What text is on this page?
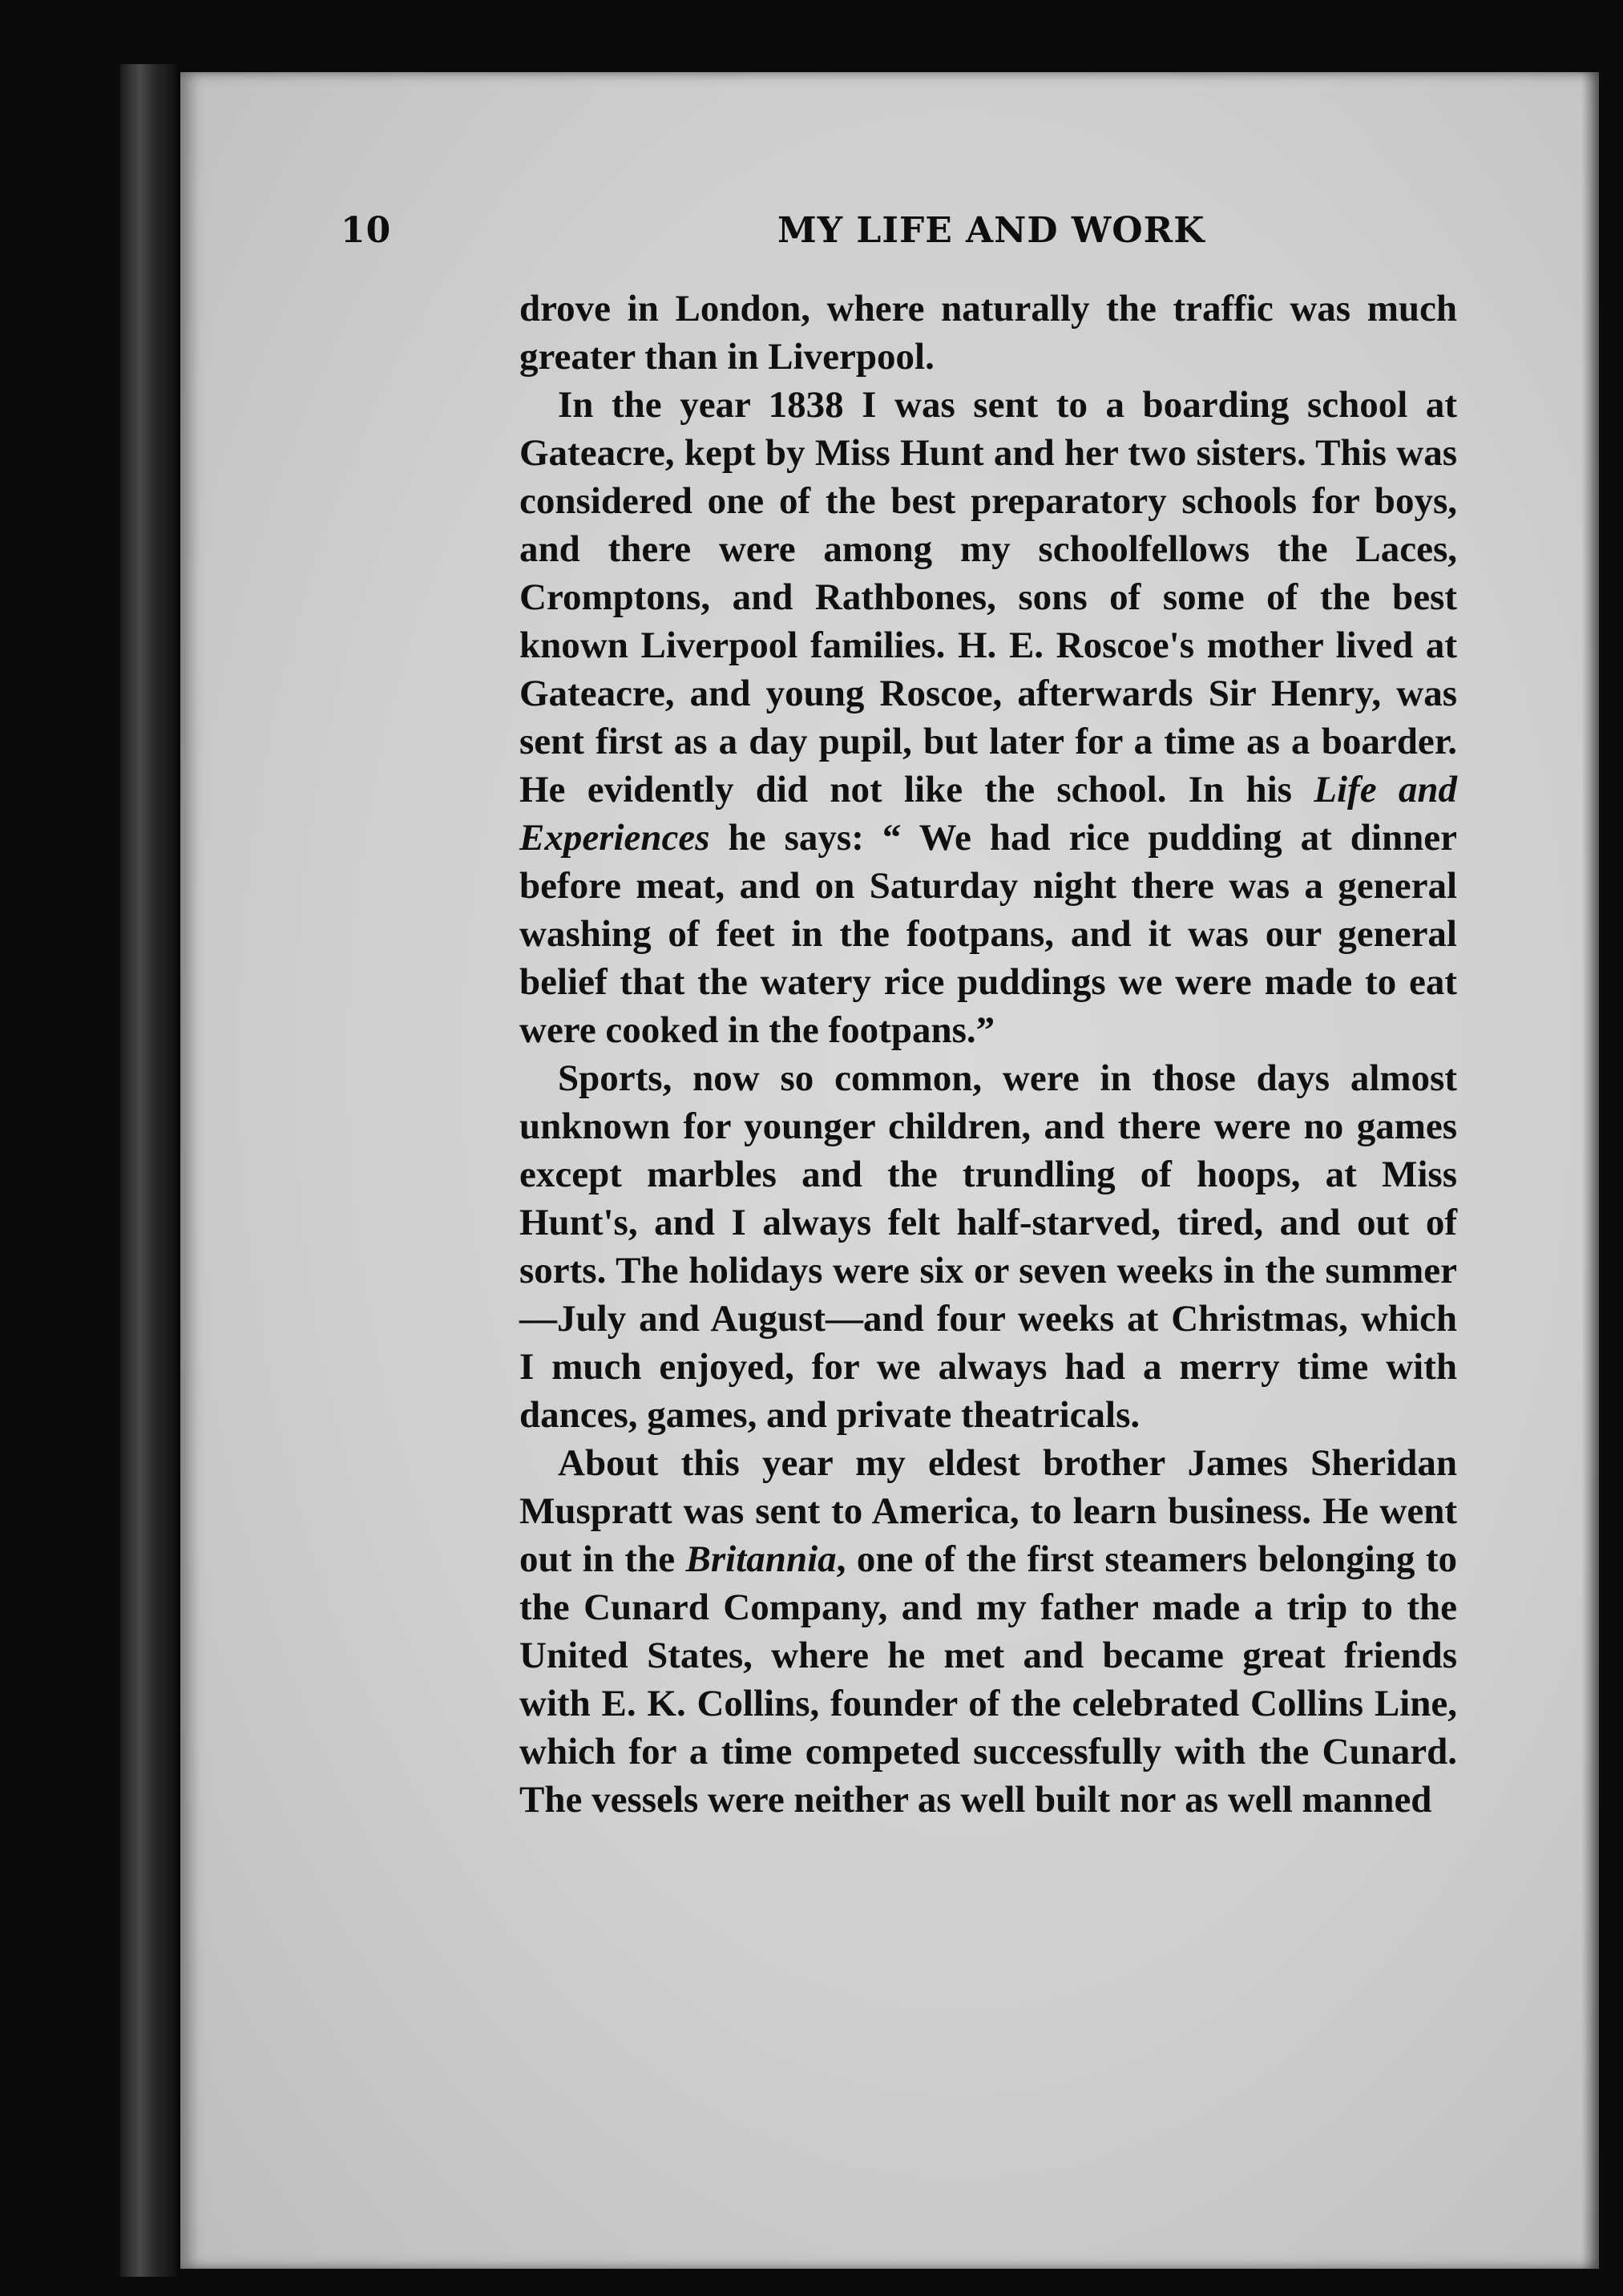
10	MY LIFE AND WORK

drove in London, where naturally the traffic was much greater than in Liverpool.

In the year 1838 I was sent to a boarding school at Gateacre, kept by Miss Hunt and her two sisters. This was considered one of the best preparatory schools for boys, and there were among my schoolfellows the Laces, Cromptons, and Rathbones, sons of some of the best known Liverpool families. H. E. Roscoe's mother lived at Gateacre, and young Roscoe, afterwards Sir Henry, was sent first as a day pupil, but later for a time as a boarder. He evidently did not like the school. In his Life and Experiences he says: “ We had rice pudding at dinner before meat, and on Saturday night there was a general washing of feet in the footpans, and it was our general belief that the watery rice puddings we were made to eat were cooked in the footpans.”

Sports, now so common, were in those days almost unknown for younger children, and there were no games except marbles and the trundling of hoops, at Miss Hunt's, and I always felt half-starved, tired, and out of sorts. The holidays were six or seven weeks in the summer —July and August—and four weeks at Christmas, which I much enjoyed, for we always had a merry time with dances, games, and private theatricals.

About this year my eldest brother James Sheridan Muspratt was sent to America, to learn business. He went out in the Britannia, one of the first steamers belonging to the Cunard Company, and my father made a trip to the United States, where he met and became great friends with E. K. Collins, founder of the celebrated Collins Line, which for a time competed successfully with the Cunard. The vessels were neither as well built nor as well manned
